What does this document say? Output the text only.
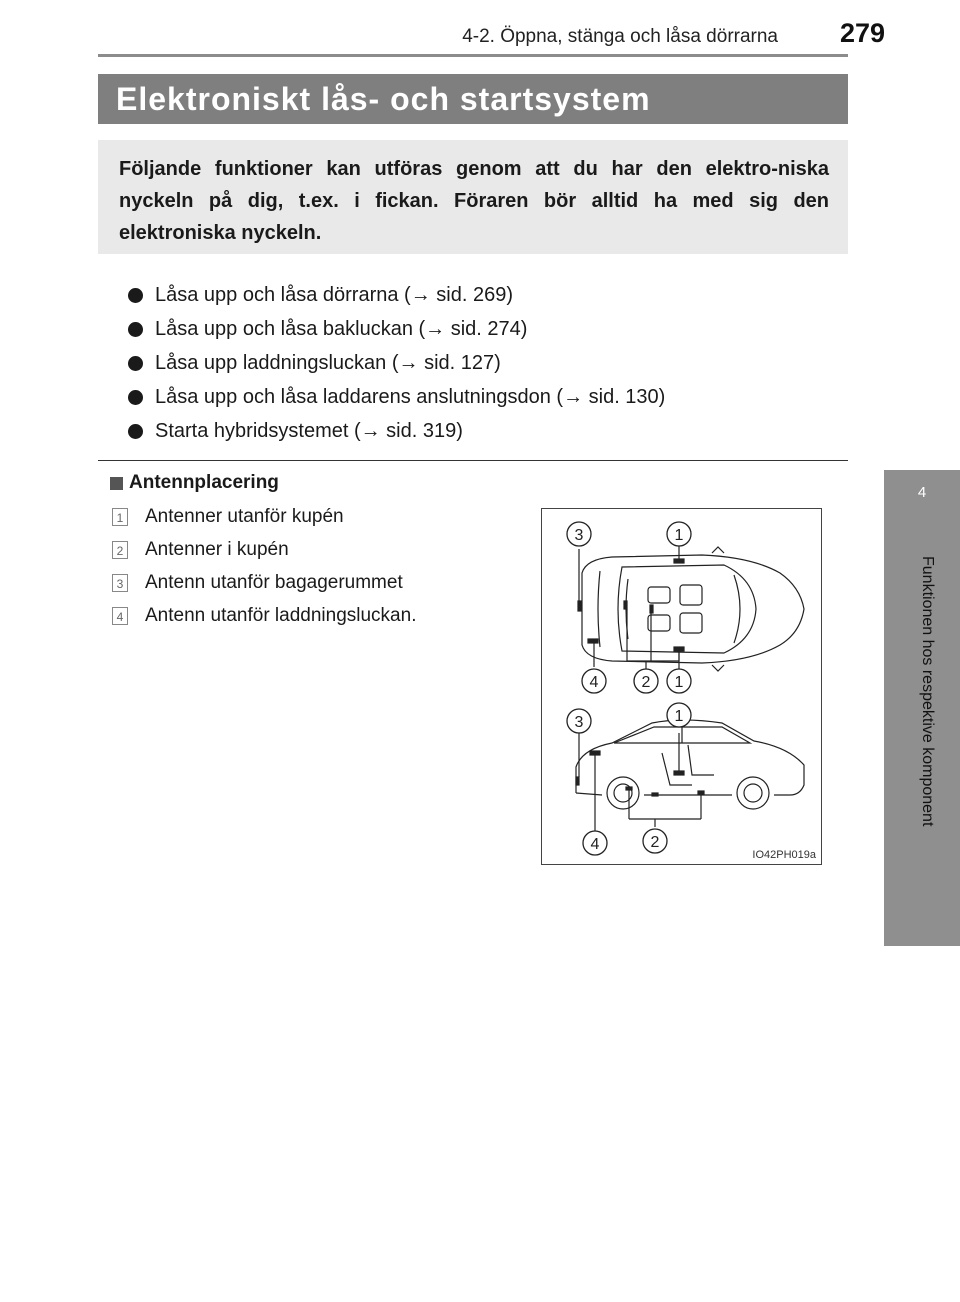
4-2. Öppna, stänga och låsa dörrarna	279
4
Funktionen hos respektive komponent
Elektroniskt lås- och startsystem

Följande funktioner kan utföras genom att du har den elektro-niska nyckeln på dig, t.ex. i fickan. Föraren bör alltid ha med sig den elektroniska nyckeln.

Låsa upp och låsa dörrarna (→ sid. 269)
Låsa upp och låsa bakluckan (→ sid. 274)
Låsa upp laddningsluckan (→ sid. 127)
Låsa upp och låsa laddarens anslutningsdon (→ sid. 130)
Starta hybridsystemet (→ sid. 319)
Antennplacering
1 Antenner utanför kupén
2 Antenner i kupén
3 Antenn utanför bagagerummet
4 Antenn utanför laddningsluckan.
3	1
4	2 1
3	1
4	2
IO42PH019a
